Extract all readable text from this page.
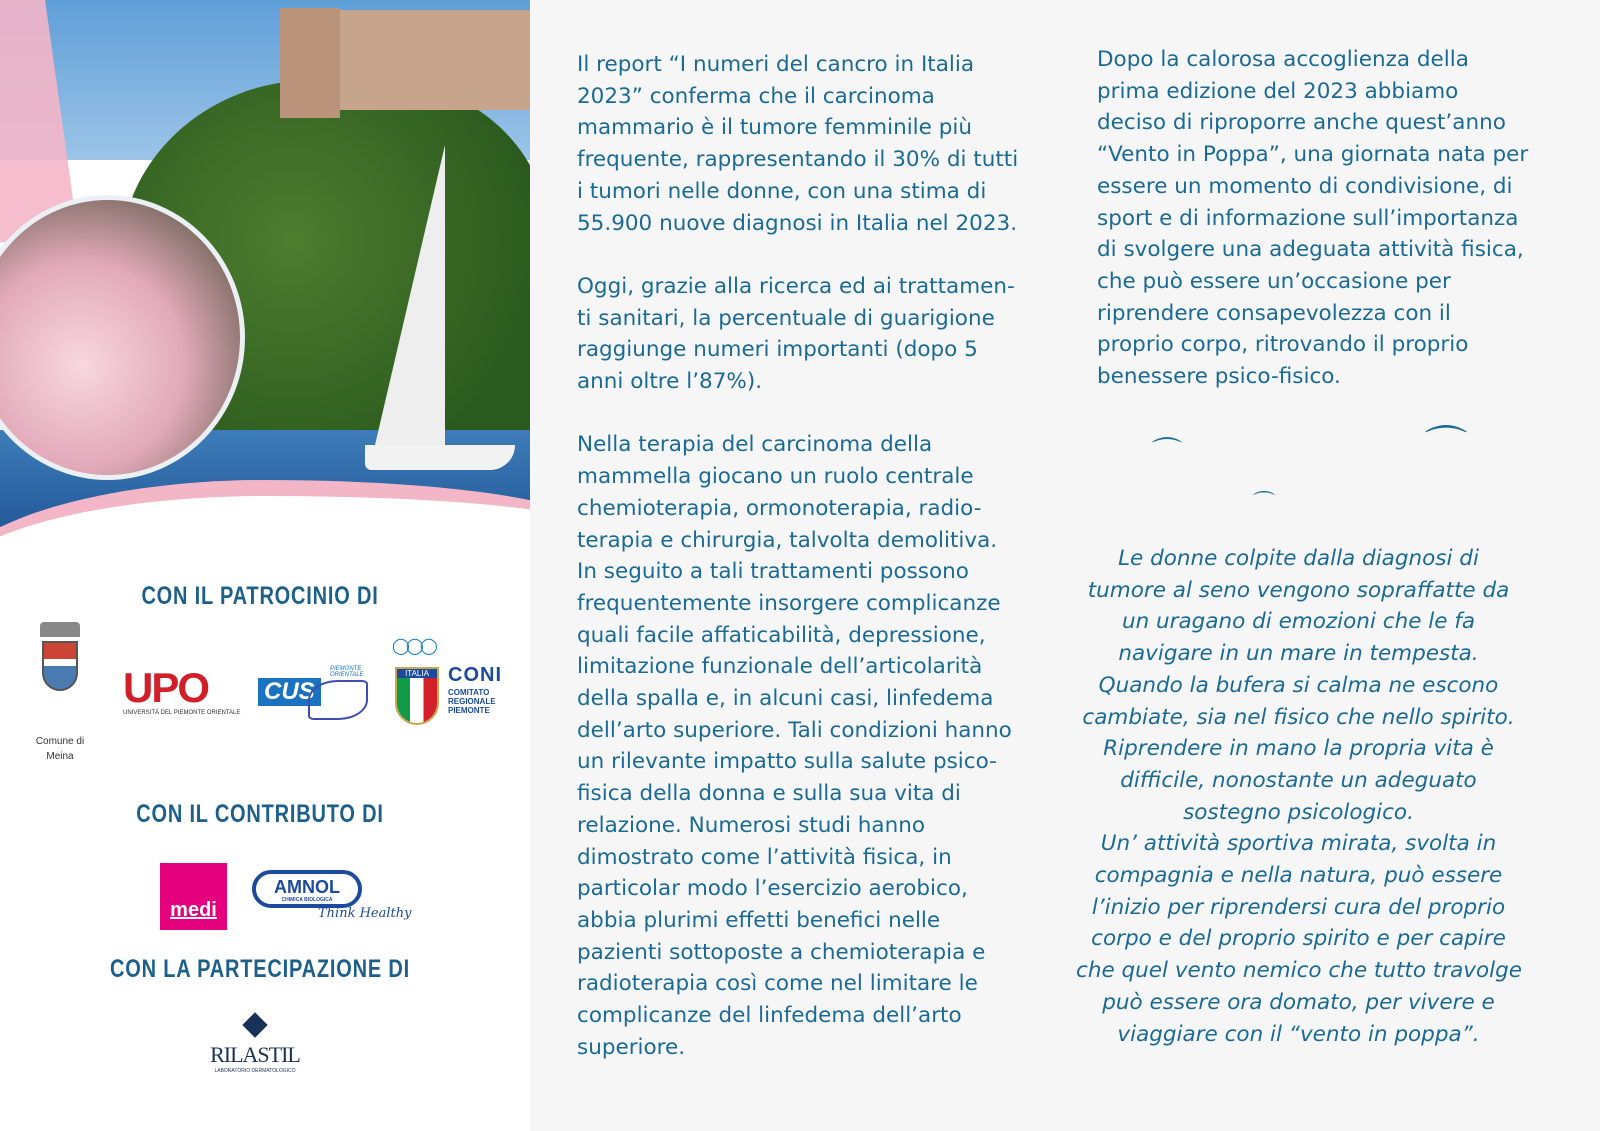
CON IL PATROCINIO DI
Comune di
Meina
UPO
UNIVERSITÀ DEL PIEMONTE ORIENTALE
CUS
PIEMONTE ORIENTALE
◯◯◯
ITALIA CONI
COMITATO
REGIONALE
PIEMONTE
CON IL CONTRIBUTO DI
medi
AMNOL
CHIMICA BIOLOGICA
Think Healthy
CON LA PARTECIPAZIONE DI
RILASTIL
LABORATORIO DERMATOLOGICO
Il report “I numeri del cancro in Italia
2023” conferma che il carcinoma
mammario è il tumore femminile più
frequente, rappresentando il 30% di tutti
i tumori nelle donne, con una stima di
55.900 nuove diagnosi in Italia nel 2023.
Oggi, grazie alla ricerca ed ai trattamen-
ti sanitari, la percentuale di guarigione
raggiunge numeri importanti (dopo 5
anni oltre l’87%).
Nella terapia del carcinoma della
mammella giocano un ruolo centrale
chemioterapia, ormonoterapia, radio-
terapia e chirurgia, talvolta demolitiva.
In seguito a tali trattamenti possono
frequentemente insorgere complicanze
quali facile affaticabilità, depressione,
limitazione funzionale dell’articolarità
della spalla e, in alcuni casi, linfedema
dell’arto superiore. Tali condizioni hanno
un rilevante impatto sulla salute psico-
fisica della donna e sulla sua vita di
relazione. Numerosi studi hanno
dimostrato come l’attività fisica, in
particolar modo l’esercizio aerobico,
abbia plurimi effetti benefici nelle
pazienti sottoposte a chemioterapia e
radioterapia così come nel limitare le
complicanze del linfedema dell’arto
superiore.
Dopo la calorosa accoglienza della
prima edizione del 2023 abbiamo
deciso di riproporre anche quest’anno
“Vento in Poppa”, una giornata nata per
essere un momento di condivisione, di
sport e di informazione sull’importanza
di svolgere una adeguata attività fisica,
che può essere un’occasione per
riprendere consapevolezza con il
proprio corpo, ritrovando il proprio
benessere psico-fisico.
Le donne colpite dalla diagnosi di
tumore al seno vengono sopraffatte da
un uragano di emozioni che le fa
navigare in un mare in tempesta.
Quando la bufera si calma ne escono
cambiate, sia nel fisico che nello spirito.
Riprendere in mano la propria vita è
difficile, nonostante un adeguato
sostegno psicologico.
Un’ attività sportiva mirata, svolta in
compagnia e nella natura, può essere
l’inizio per riprendersi cura del proprio
corpo e del proprio spirito e per capire
che quel vento nemico che tutto travolge
può essere ora domato, per vivere e
viaggiare con il “vento in poppa”.
⌒	⌒
⌒
